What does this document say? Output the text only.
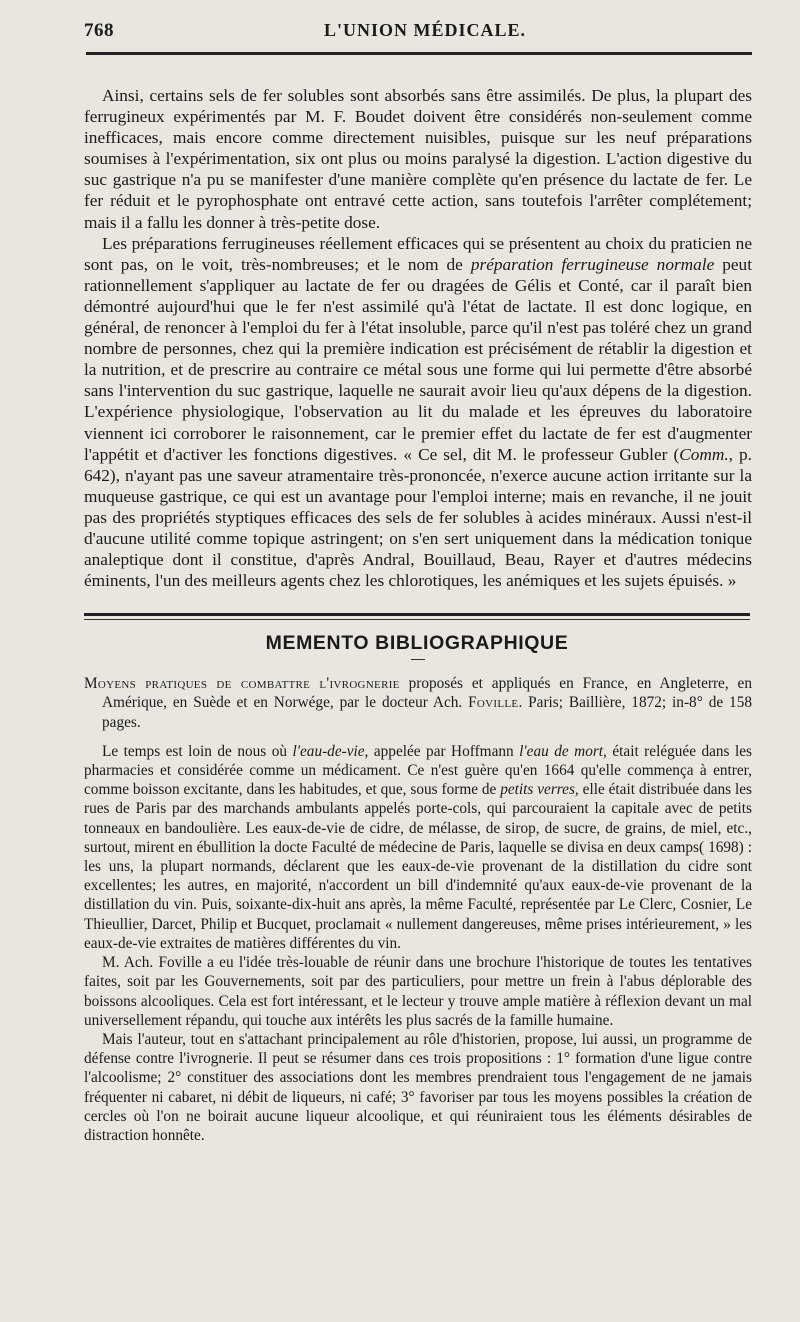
768	L'UNION MÉDICALE.

Ainsi, certains sels de fer solubles sont absorbés sans être assimilés. De plus, la plupart des ferrugineux expérimentés par M. F. Boudet doivent être considérés non-seulement comme inefficaces, mais encore comme directement nuisibles, puisque sur les neuf préparations soumises à l'expérimentation, six ont plus ou moins paralysé la digestion. L'action digestive du suc gastrique n'a pu se manifester d'une manière complète qu'en présence du lactate de fer. Le fer réduit et le pyrophosphate ont entravé cette action, sans toutefois l'arrêter complétement; mais il a fallu les donner à très-petite dose.

Les préparations ferrugineuses réellement efficaces qui se présentent au choix du praticien ne sont pas, on le voit, très-nombreuses; et le nom de préparation ferrugineuse normale peut rationnellement s'appliquer au lactate de fer ou dragées de Gélis et Conté, car il paraît bien démontré aujourd'hui que le fer n'est assimilé qu'à l'état de lactate. Il est donc logique, en général, de renoncer à l'emploi du fer à l'état insoluble, parce qu'il n'est pas toléré chez un grand nombre de personnes, chez qui la première indication est précisément de rétablir la digestion et la nutrition, et de prescrire au contraire ce métal sous une forme qui lui permette d'être absorbé sans l'intervention du suc gastrique, laquelle ne saurait avoir lieu qu'aux dépens de la digestion. L'expérience physiologique, l'observation au lit du malade et les épreuves du laboratoire viennent ici corroborer le raisonnement, car le premier effet du lactate de fer est d'augmenter l'appétit et d'activer les fonctions digestives. « Ce sel, dit M. le professeur Gubler (Comm., p. 642), n'ayant pas une saveur atramentaire très-prononcée, n'exerce aucune action irritante sur la muqueuse gastrique, ce qui est un avantage pour l'emploi interne; mais en revanche, il ne jouit pas des propriétés styptiques efficaces des sels de fer solubles à acides minéraux. Aussi n'est-il d'aucune utilité comme topique astringent; on s'en sert uniquement dans la médication tonique analeptique dont il constitue, d'après Andral, Bouillaud, Beau, Rayer et d'autres médecins éminents, l'un des meilleurs agents chez les chlorotiques, les anémiques et les sujets épuisés. »

MEMENTO BIBLIOGRAPHIQUE

Moyens pratiques de combattre l'ivrognerie proposés et appliqués en France, en Angleterre, en Amérique, en Suède et en Norwége, par le docteur Ach. Foville. Paris; Baillière, 1872; in-8° de 158 pages.

Le temps est loin de nous où l'eau-de-vie, appelée par Hoffmann l'eau de mort, était reléguée dans les pharmacies et considérée comme un médicament. Ce n'est guère qu'en 1664 qu'elle commença à entrer, comme boisson excitante, dans les habitudes, et que, sous forme de petits verres, elle était distribuée dans les rues de Paris par des marchands ambulants appelés porte-cols, qui parcouraient la capitale avec de petits tonneaux en bandoulière. Les eaux-de-vie de cidre, de mélasse, de sirop, de sucre, de grains, de miel, etc., surtout, mirent en ébullition la docte Faculté de médecine de Paris, laquelle se divisa en deux camps( 1698) : les uns, la plupart normands, déclarent que les eaux-de-vie provenant de la distillation du cidre sont excellentes; les autres, en majorité, n'accordent un bill d'indemnité qu'aux eaux-de-vie provenant de la distillation du vin. Puis, soixante-dix-huit ans après, la même Faculté, représentée par Le Clerc, Cosnier, Le Thieullier, Darcet, Philip et Bucquet, proclamait « nullement dangereuses, même prises intérieurement, » les eaux-de-vie extraites de matières différentes du vin.

M. Ach. Foville a eu l'idée très-louable de réunir dans une brochure l'historique de toutes les tentatives faites, soit par les Gouvernements, soit par des particuliers, pour mettre un frein à l'abus déplorable des boissons alcooliques. Cela est fort intéressant, et le lecteur y trouve ample matière à réflexion devant un mal universellement répandu, qui touche aux intérêts les plus sacrés de la famille humaine.

Mais l'auteur, tout en s'attachant principalement au rôle d'historien, propose, lui aussi, un programme de défense contre l'ivrognerie. Il peut se résumer dans ces trois propositions : 1° formation d'une ligue contre l'alcoolisme; 2° constituer des associations dont les membres prendraient tous l'engagement de ne jamais fréquenter ni cabaret, ni débit de liqueurs, ni café; 3° favoriser par tous les moyens possibles la création de cercles où l'on ne boirait aucune liqueur alcoolique, et qui réuniraient tous les éléments désirables de distraction honnête.
